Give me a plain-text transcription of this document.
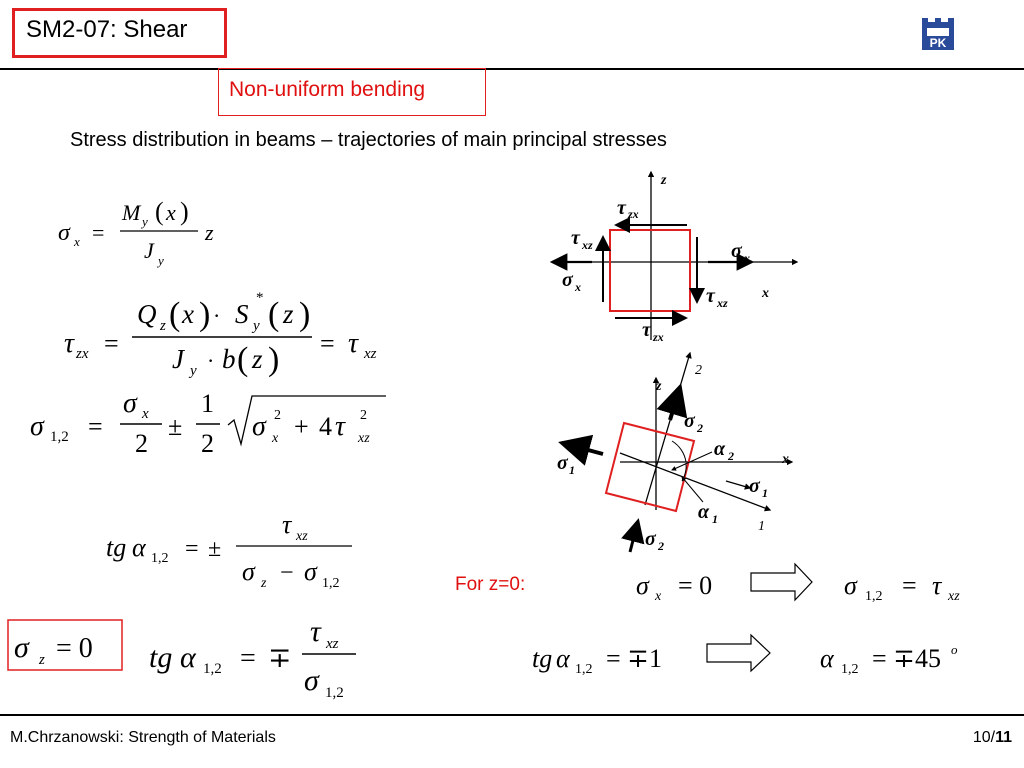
SM2-07: Shear	PK
Non-uniform bending
Stress distribution in beams – trajectories of main principal stresses
σ x =
M y ( x )
J y
z
τ zx =
Q z ( x ) · S y
* ( z )
J y · b ( z ) = τ xz
σ 1,2 =
σ x
2
±
1
2
σ x
2 + 4 τ xz
2
tg α 1,2 = ±
τ xz
σ z − σ 1,2
σ z = 0 tg α 1,2 = ∓
τ xz
σ 1,2
σ x = 0	σ 1,2 = τ xz
tg α 1,2 = ∓1	α 1,2 = ∓45 o
z
x
τ zx
τ zx
τ xz
τ xz
σ x
σ x
z
x
2
1
σ 1
σ 1
σ 2
σ 2
α 2
α 1
For z=0:
M.Chrzanowski: Strength of Materials	10/11
